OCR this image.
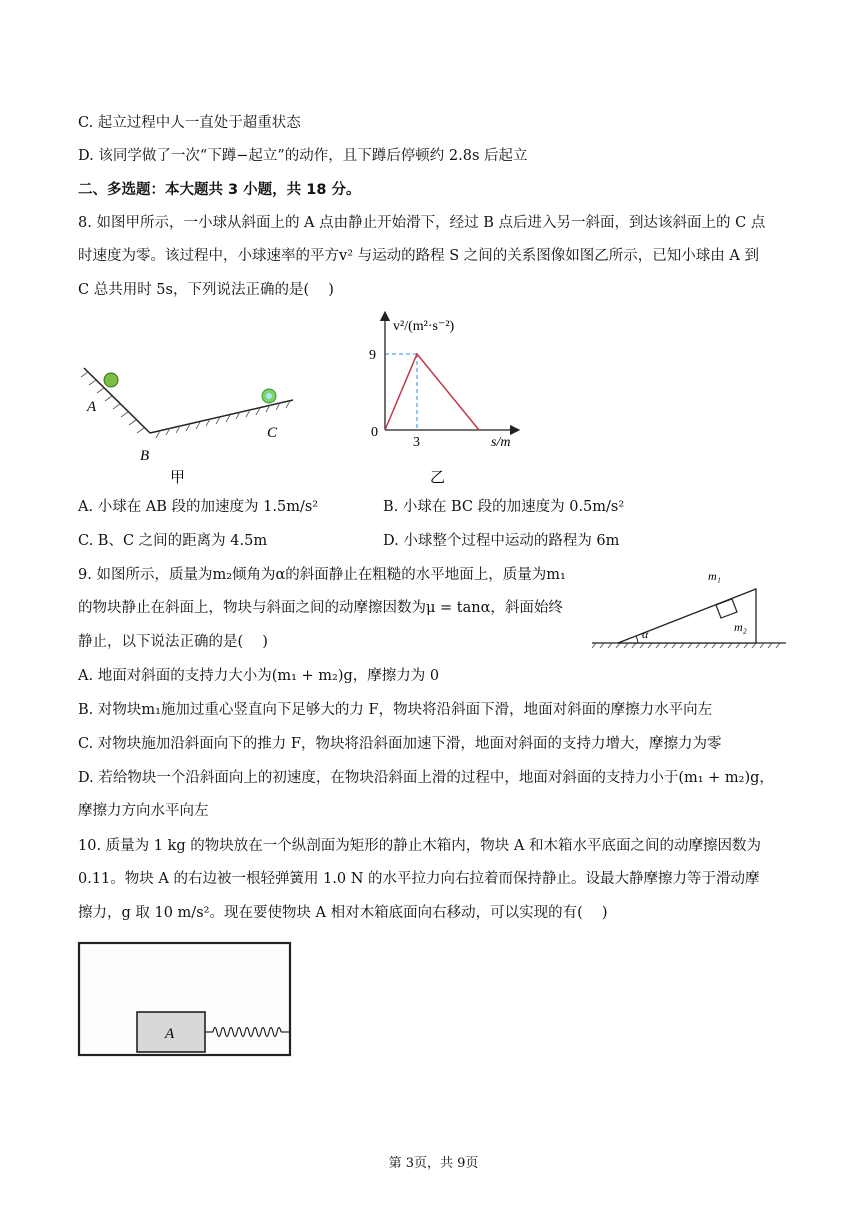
C. 起立过程中人一直处于超重状态
D. 该同学做了一次“下蹲−起立”的动作，且下蹲后停顿约 2.8s 后起立
二、多选题：本大题共 3 小题，共 18 分。
8. 如图甲所示，一小球从斜面上的 A 点由静止开始滑下，经过 B 点后进入另一斜面，到达该斜面上的 C 点
时速度为零。该过程中，小球速率的平方v² 与运动的路程 S 之间的关系图像如图乙所示，已知小球由 A 到
C 总共用时 5s，下列说法正确的是(　 )
A
B
C
甲
v²/(m²·s⁻²)
9
0
3	s/m
乙
A. 小球在 AB 段的加速度为 1.5m/s²	B. 小球在 BC 段的加速度为 0.5m/s²
C. B、C 之间的距离为 4.5m	D. 小球整个过程中运动的路程为 6m
9. 如图所示，质量为m₂倾角为α的斜面静止在粗糙的水平地面上，质量为m₁
的物块静止在斜面上，物块与斜面之间的动摩擦因数为μ = tanα，斜面始终
静止，以下说法正确的是(　 )	α
m₁
m₂
A. 地面对斜面的支持力大小为(m₁ + m₂)g，摩擦力为 0
B. 对物块m₁施加过重心竖直向下足够大的力 F，物块将沿斜面下滑，地面对斜面的摩擦力水平向左
C. 对物块施加沿斜面向下的推力 F，物块将沿斜面加速下滑，地面对斜面的支持力增大，摩擦力为零
D. 若给物块一个沿斜面向上的初速度，在物块沿斜面上滑的过程中，地面对斜面的支持力小于(m₁ + m₂)g，
摩擦力方向水平向左
10. 质量为 1 kg 的物块放在一个纵剖面为矩形的静止木箱内，物块 A 和木箱水平底面之间的动摩擦因数为
0.11。物块 A 的右边被一根轻弹簧用 1.0 N 的水平拉力向右拉着而保持静止。设最大静摩擦力等于滑动摩
擦力，g 取 10 m/s²。现在要使物块 A 相对木箱底面向右移动，可以实现的有(　 )
A
第 3页，共 9页
